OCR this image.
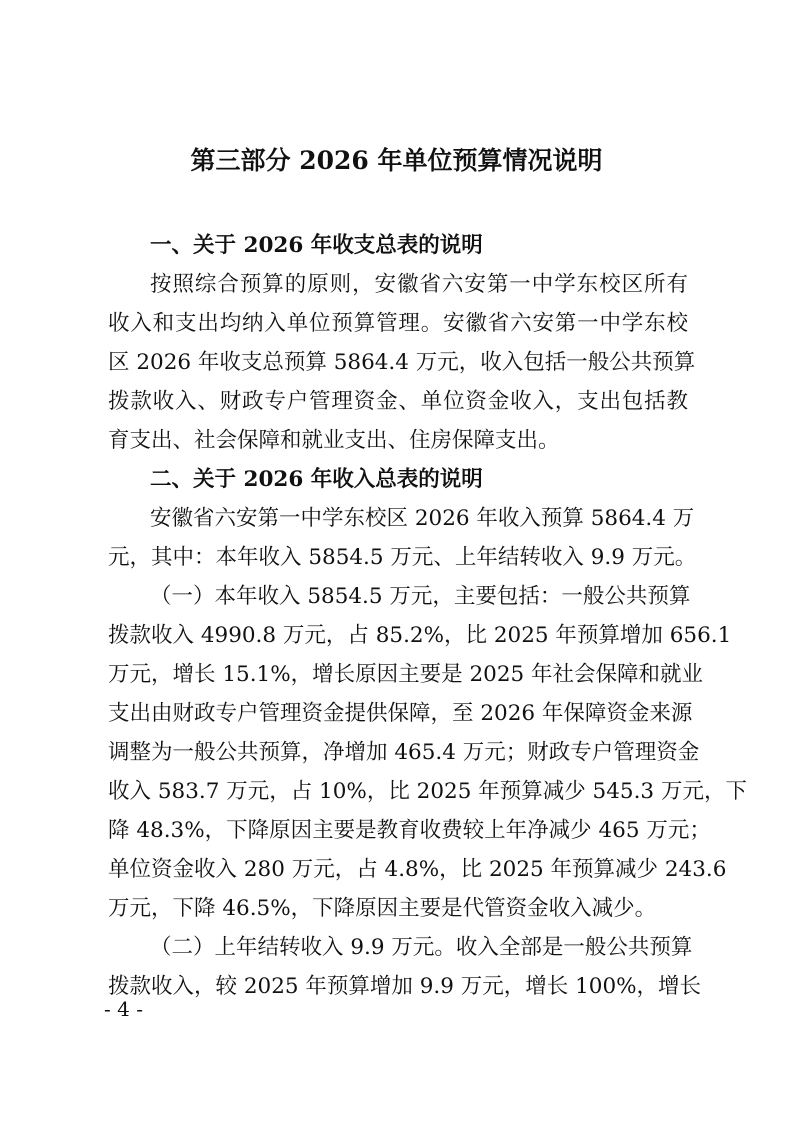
第三部分 2026 年单位预算情况说明
一、关于 2026 年收支总表的说明
按照综合预算的原则，安徽省六安第一中学东校区所有
收入和支出均纳入单位预算管理。安徽省六安第一中学东校
区 2026 年收支总预算 5864.4 万元，收入包括一般公共预算
拨款收入、财政专户管理资金、单位资金收入，支出包括教
育支出、社会保障和就业支出、住房保障支出。
二、关于 2026 年收入总表的说明
安徽省六安第一中学东校区 2026 年收入预算 5864.4 万
元，其中：本年收入 5854.5 万元、上年结转收入 9.9 万元。
（一）本年收入 5854.5 万元，主要包括：一般公共预算
拨款收入 4990.8 万元，占 85.2%，比 2025 年预算增加 656.1
万元，增长 15.1%，增长原因主要是 2025 年社会保障和就业
支出由财政专户管理资金提供保障，至 2026 年保障资金来源
调整为一般公共预算，净增加 465.4 万元；财政专户管理资金
收入 583.7 万元，占 10%，比 2025 年预算减少 545.3 万元，下
降 48.3%，下降原因主要是教育收费较上年净减少 465 万元；
单位资金收入 280 万元，占 4.8%，比 2025 年预算减少 243.6
万元，下降 46.5%，下降原因主要是代管资金收入减少。
（二）上年结转收入 9.9 万元。收入全部是一般公共预算
拨款收入，较 2025 年预算增加 9.9 万元，增长 100%，增长
- 4 -
